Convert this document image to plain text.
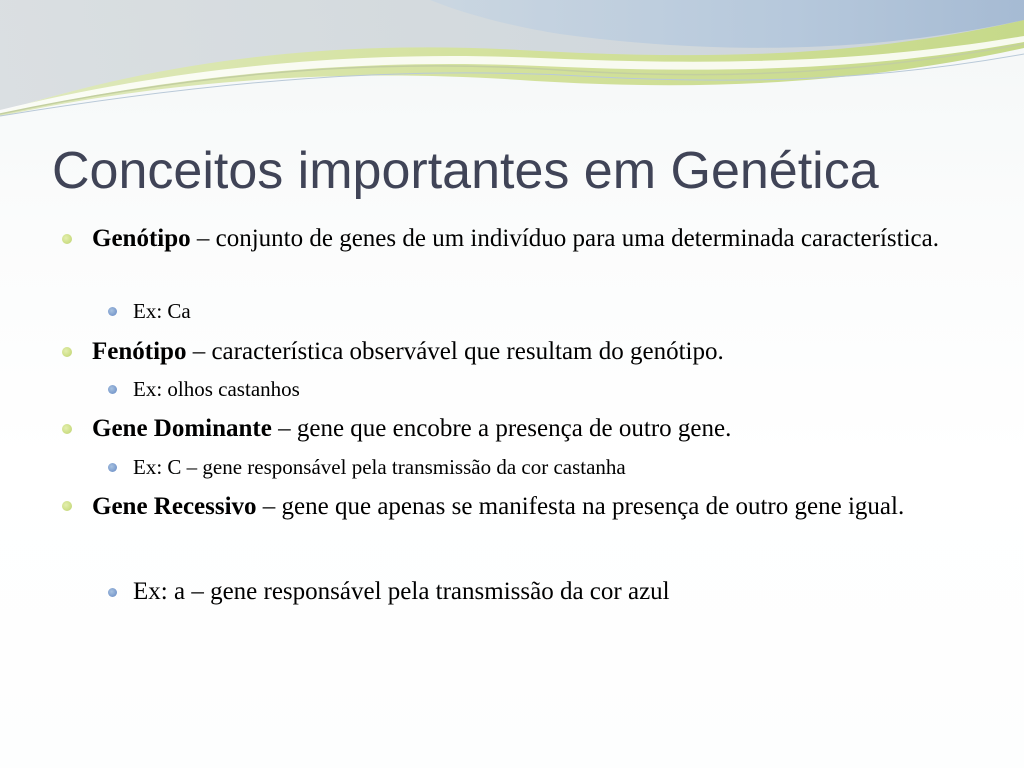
Conceitos importantes em Genética
Genótipo – conjunto de genes de um indivíduo para uma determinada característica.
Ex: Ca
Fenótipo – característica observável que resultam do genótipo.
Ex: olhos castanhos
Gene Dominante – gene que encobre a presença de outro gene.
Ex: C – gene responsável pela transmissão da cor castanha
Gene Recessivo – gene que apenas se manifesta na presença de outro gene igual.
Ex: a – gene responsável pela transmissão da cor azul
